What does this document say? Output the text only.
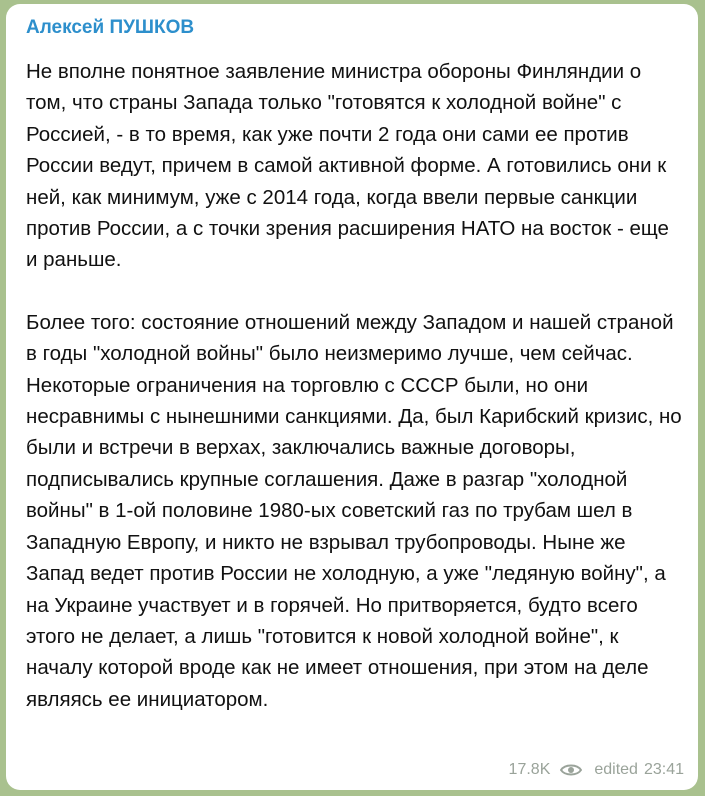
Алексей ПУШКОВ

Не вполне понятное заявление министра обороны Финляндии о том, что страны Запада только "готовятся к холодной войне" с Россией, - в то время, как уже почти 2 года они сами ее против России ведут, причем в самой активной форме. А готовились они к ней, как минимум, уже с 2014 года, когда ввели первые санкции против России, а с точки зрения расширения НАТО на восток - еще и раньше.

Более того: состояние отношений между Западом и нашей страной в годы "холодной войны" было неизмеримо лучше, чем сейчас. Некоторые ограничения на торговлю с СССР были, но они несравнимы с нынешними санкциями. Да, был Карибский кризис, но были и встречи в верхах, заключались важные договоры, подписывались крупные соглашения. Даже в разгар "холодной войны" в 1-ой половине 1980-ых советский газ по трубам шел в Западную Европу, и никто не взрывал трубопроводы. Ныне же Запад ведет против России не холодную, а уже "ледяную войну", а на Украине участвует и в горячей. Но притворяется, будто всего этого не делает, а лишь "готовится к новой холодной войне", к началу которой вроде как не имеет отношения, при этом на деле являясь ее инициатором.

17.8K	edited 23:41
